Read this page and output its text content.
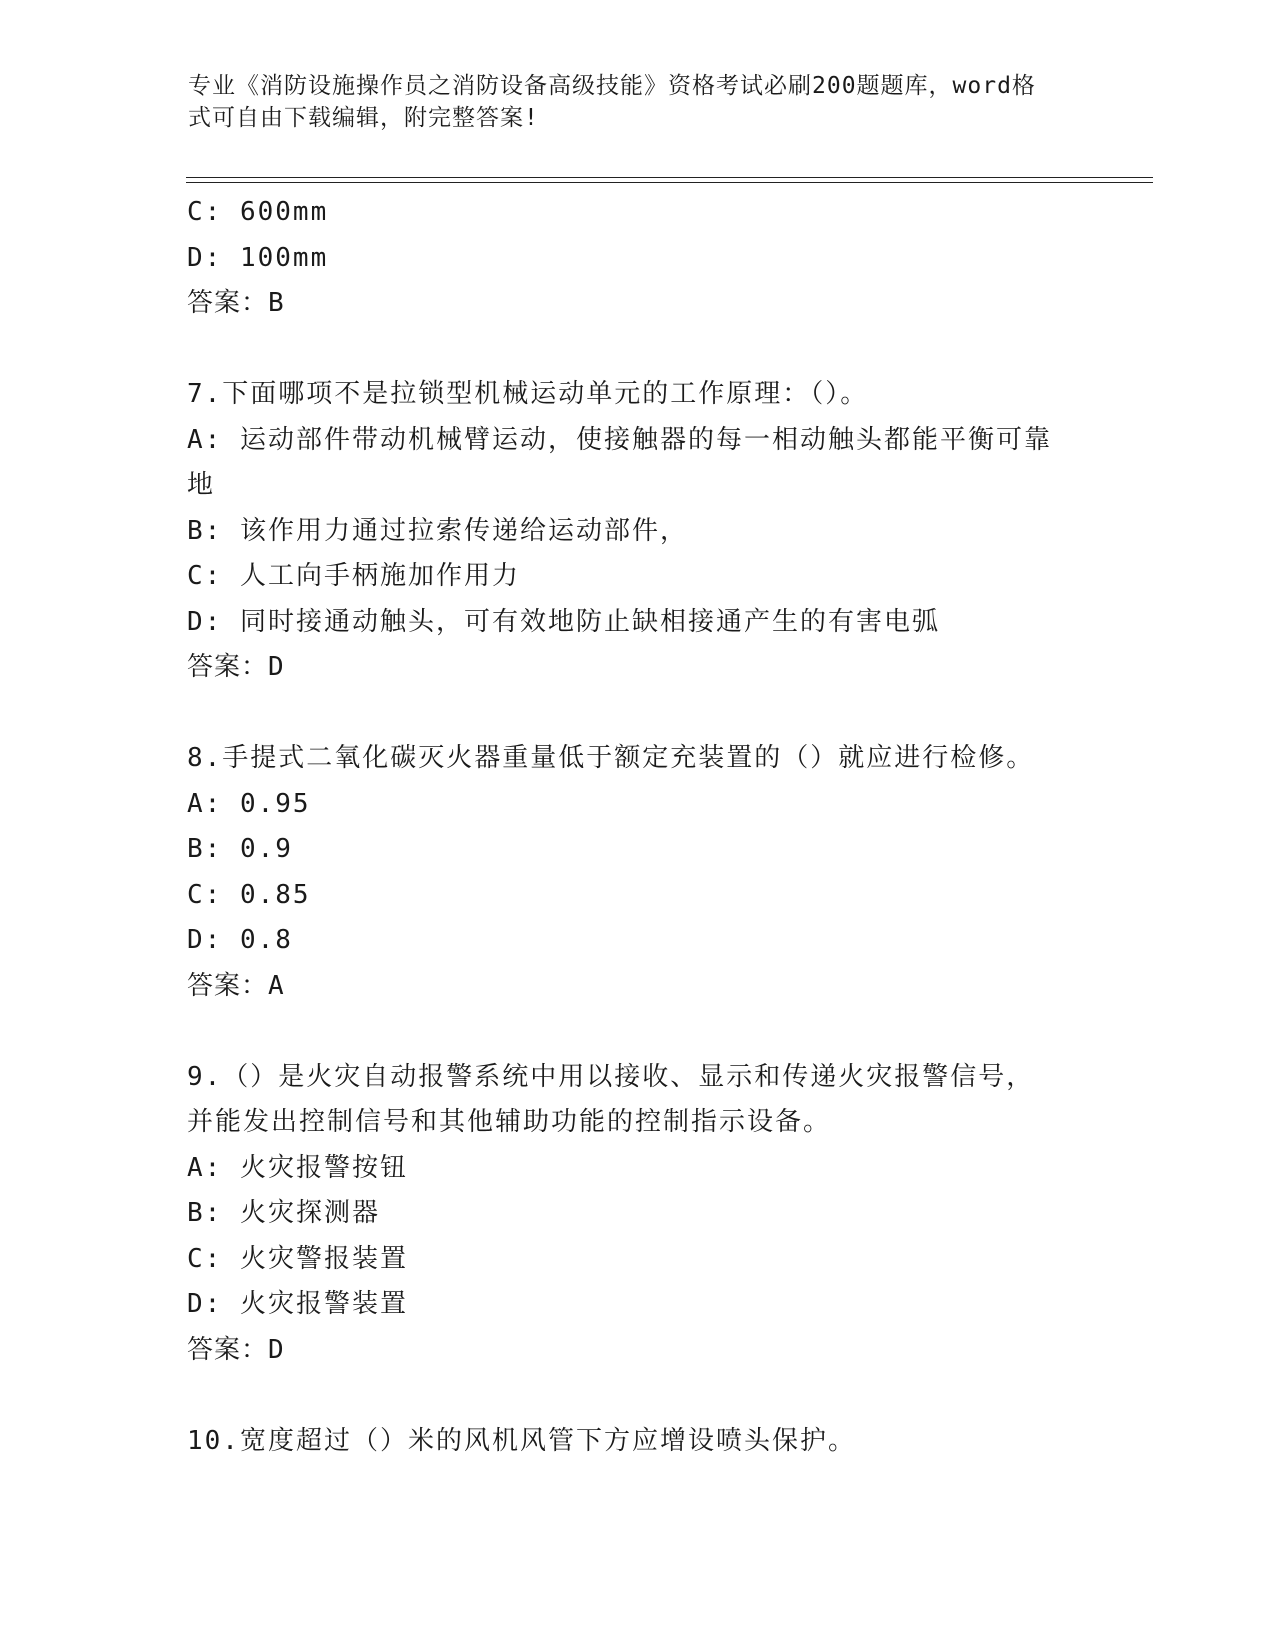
专业《消防设施操作员之消防设备高级技能》资格考试必刷200题题库，word格
式可自由下载编辑，附完整答案!
C: 600mm
D: 100mm
答案：B
7.下面哪项不是拉锁型机械运动单元的工作原理：（）。
A: 运动部件带动机械臂运动，使接触器的每一相动触头都能平衡可靠
地
B: 该作用力通过拉索传递给运动部件，
C: 人工向手柄施加作用力
D: 同时接通动触头，可有效地防止缺相接通产生的有害电弧
答案：D
8.手提式二氧化碳灭火器重量低于额定充装置的（）就应进行检修。
A: 0.95
B: 0.9
C: 0.85
D: 0.8
答案：A
9.（）是火灾自动报警系统中用以接收、显示和传递火灾报警信号，
并能发出控制信号和其他辅助功能的控制指示设备。
A: 火灾报警按钮
B: 火灾探测器
C: 火灾警报装置
D: 火灾报警装置
答案：D
10.宽度超过（）米的风机风管下方应增设喷头保护。
